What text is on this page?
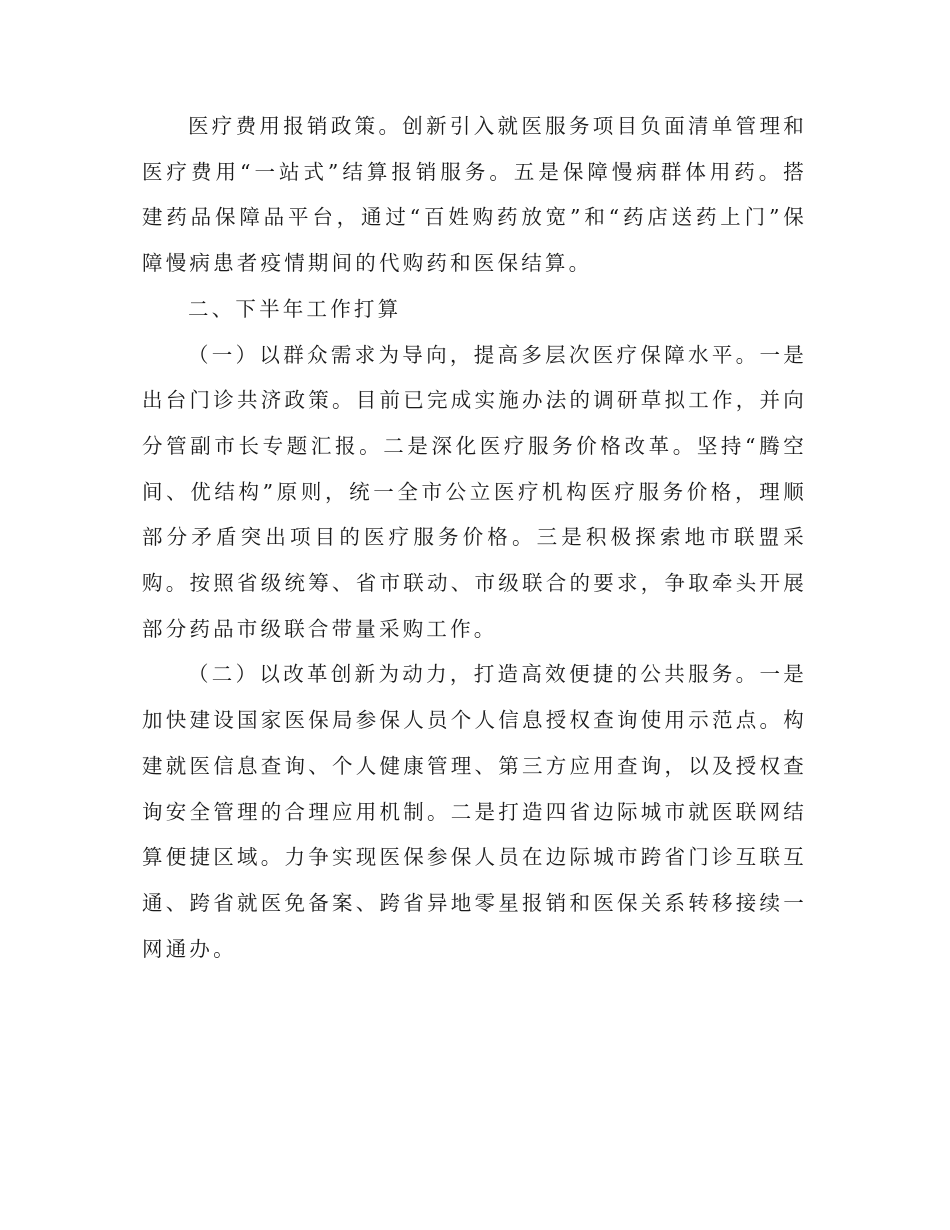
医疗费用报销政策。创新引入就医服务项目负面清单管理和医疗费用“一站式”结算报销服务。五是保障慢病群体用药。搭建药品保障品平台，通过“百姓购药放宽”和“药店送药上门”保障慢病患者疫情期间的代购药和医保结算。

二、下半年工作打算

（一）以群众需求为导向，提高多层次医疗保障水平。一是出台门诊共济政策。目前已完成实施办法的调研草拟工作，并向分管副市长专题汇报。二是深化医疗服务价格改革。坚持“腾空间、优结构”原则，统一全市公立医疗机构医疗服务价格，理顺部分矛盾突出项目的医疗服务价格。三是积极探索地市联盟采购。按照省级统筹、省市联动、市级联合的要求，争取牵头开展部分药品市级联合带量采购工作。

（二）以改革创新为动力，打造高效便捷的公共服务。一是加快建设国家医保局参保人员个人信息授权查询使用示范点。构建就医信息查询、个人健康管理、第三方应用查询，以及授权查询安全管理的合理应用机制。二是打造四省边际城市就医联网结算便捷区域。力争实现医保参保人员在边际城市跨省门诊互联互通、跨省就医免备案、跨省异地零星报销和医保关系转移接续一网通办。
